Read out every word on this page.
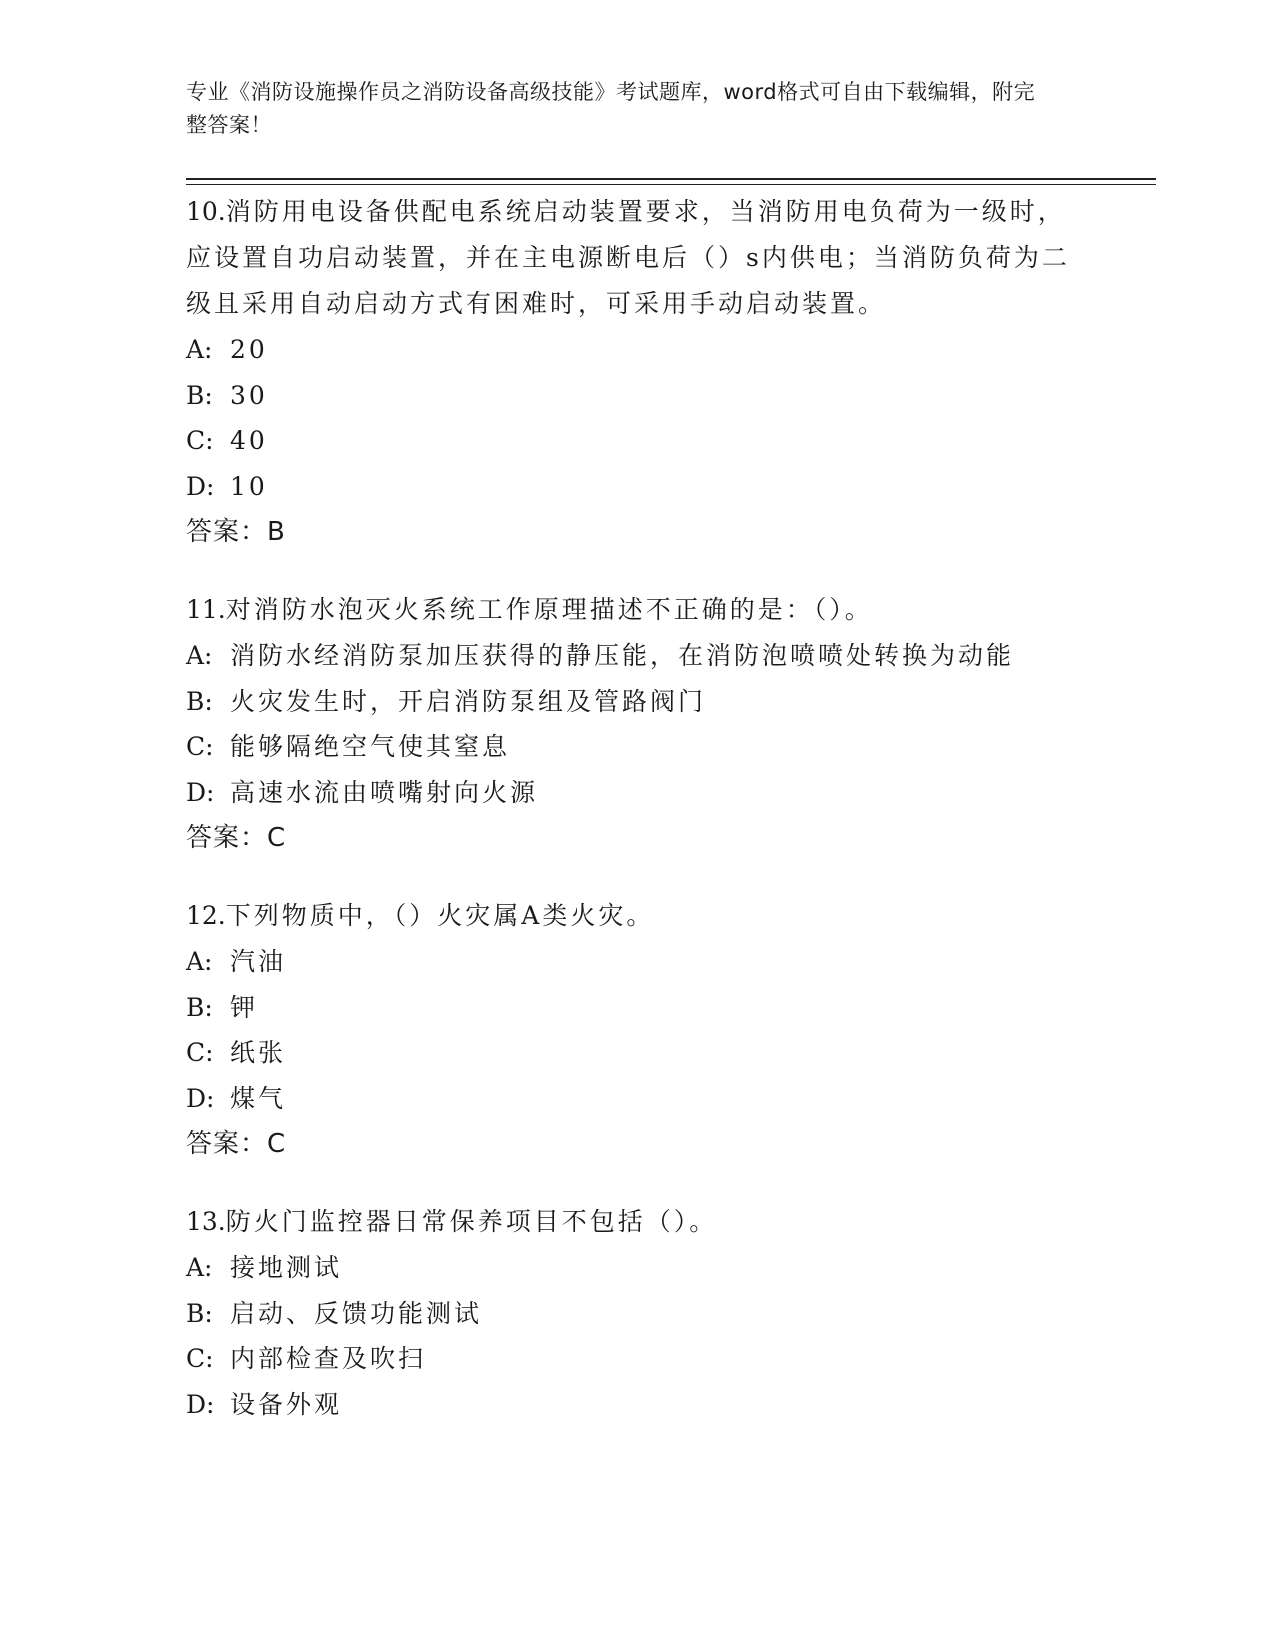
专业《消防设施操作员之消防设备高级技能》考试题库，word格式可自由下载编辑，附完整答案！
10.消防用电设备供配电系统启动装置要求，当消防用电负荷为一级时，应设置自功启动装置，并在主电源断电后（）s内供电；当消防负荷为二级且采用自动启动方式有困难时，可采用手动启动装置。
A: 20
B: 30
C: 40
D: 10
答案：B
11.对消防水泡灭火系统工作原理描述不正确的是：（）。
A: 消防水经消防泵加压获得的静压能，在消防泡喷喷处转换为动能
B: 火灾发生时，开启消防泵组及管路阀门
C: 能够隔绝空气使其窒息
D: 高速水流由喷嘴射向火源
答案：C
12.下列物质中，（）火灾属A类火灾。
A: 汽油
B: 钾
C: 纸张
D: 煤气
答案：C
13.防火门监控器日常保养项目不包括（）。
A: 接地测试
B: 启动、反馈功能测试
C: 内部检查及吹扫
D: 设备外观
